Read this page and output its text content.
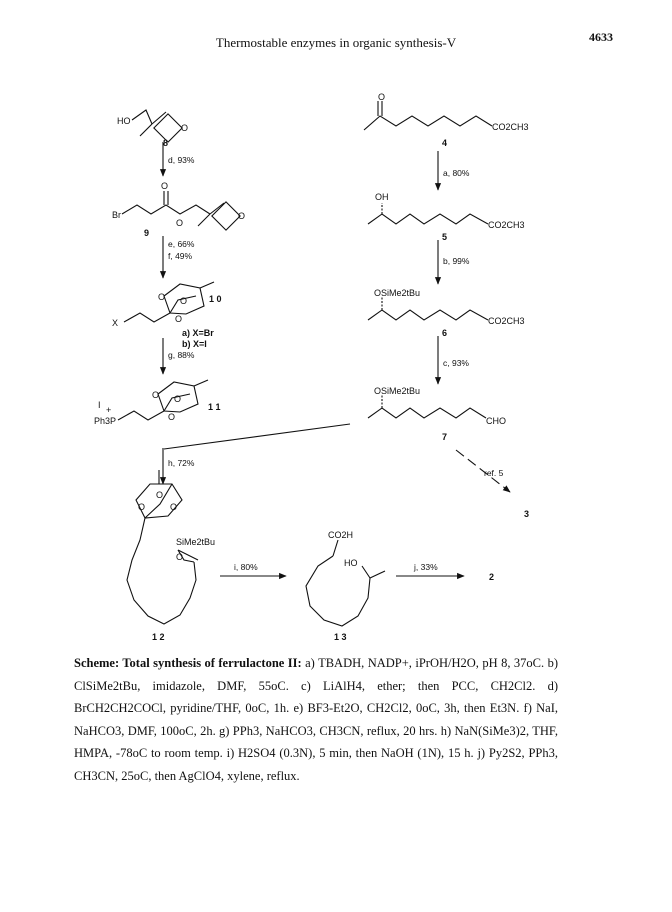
Thermostable enzymes in organic synthesis-V	4633
HO
O
O
Br
O
O
X
O
O
O
I +
Ph3P
O
O
O
O
O
O
SiMe2tBu
O
CO2H
HO
O
CO2CH3
OH
CO2CH3
OSiMe2tBu
CO2CH3
OSiMe2tBu
CHO
8
9
1 0
1 1
1 2	1 3
4
5
6
7
3
2
a) X=Br
b) X=I
d, 93%
e, 66%
f, 49%
g, 88%
h, 72%
a, 80%
b, 99%
c, 93%
ref. 5
i, 80%	j, 33%
Scheme: Total synthesis of ferrulactone II: a) TBADH, NADP+, iPrOH/H2O, pH 8, 37oC. b) ClSiMe2tBu, imidazole, DMF, 55oC. c) LiAlH4, ether; then PCC, CH2Cl2. d) BrCH2CH2COCl, pyridine/THF, 0oC, 1h. e) BF3-Et2O, CH2Cl2, 0oC, 3h, then Et3N. f) NaI, NaHCO3, DMF, 100oC, 2h. g) PPh3, NaHCO3, CH3CN, reflux, 20 hrs. h) NaN(SiMe3)2, THF, HMPA, -78oC to room temp. i) H2SO4 (0.3N), 5 min, then NaOH (1N), 15 h. j) Py2S2, PPh3, CH3CN, 25oC, then AgClO4, xylene, reflux.
